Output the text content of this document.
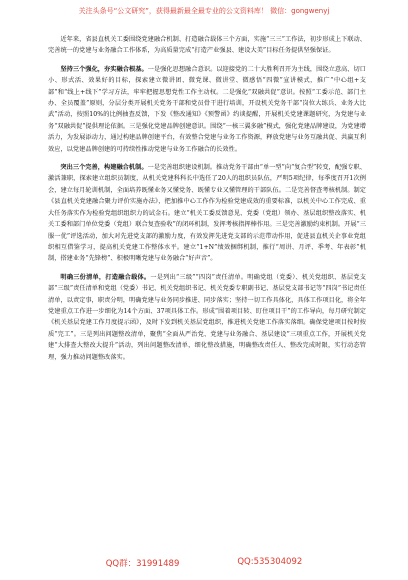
关注头条号“公文研究”，获得最新最全最专业的公文资料库！ 微信：gongwenyj

近年来，省县直机关工委围绕党建融合机制、打造融合载体三个方面，实施“三三”工作法，初步形成上下联动、完善统一的党建与业务融合工作体系，为高质量完成“打造产业强县、建设大美”目标任务提供坚强保证。

坚持三个强化，夯实融合根基。一是强化思想融合意识。以迎接党的二十大胜利召开为主线，围绕立意高、切口小、形式活、效果好的目标，探索建立微讲团、微党课、微讲堂、微感悟“四微”宣讲模式，推广“中心组+支部”和“线上+线下”学习方法，牢牢把握思想党性工作主动权。二是强化“双融共促”意识。按照“工委示范、部门主办、全员覆盖”原则，分层分类开展机关党务干部和党员骨干进行培训，开设机关党务干部“岗位大练兵、业务大比武”活动，按照10%的比例抽查反馈，下发《整改通知》《预警函》约谈提醒，开展机关党建课题研究，为党建与业务“双融共促”提供理论依据。三是强化党建品牌创建意识。围绕“一核三翼多融”模式，强化党建品牌建设，为党建增活力，为发展添动力，通过构建品牌创建平台，有效整合党建与业务工作资源，释放党建与业务互融共促、共赢互利效应，以党建品牌创建的可持续性推动党建与业务工作融合的长效性。

突出三个完善，构建融合机制。一是完善组织建设机制。推动党务干部由“单一型”向“复合型”转变，配强专职、激活兼职，探索建立组织员制度，从机关党建科科长中选任了20人的组织员队伍，严明5项纪律，每季度召开1次例会，建立每月轮训机制，全面培养既懂业务又懂党务、既懂专业又懂管理的干部队伍。二是完善督查考核机制。制定《县直机关党建融合聚力评价实施办法》，把加推中心工作作为检验党建成效的重要标准，以机关中心工作完成、重大任务落实作为检验党组织组织力的试金石。建立“机关工委反馈意见、党委（党组）领办、基层组织整改落实、机关工委和部门单位党委（党组）联合复查验收”的闭环机制，发挥考核指挥棒作用。三是完善激励约束机制。开展“三服一优”评选活动，加大对先进党支部的激励力度，有效发挥先进党支部的示范带动作用，促进县直机关企事业党组织相互借鉴学习，提高机关党建工作整体水平。建立“1+N”绩效捆绑机制，推行“周讲、月评、季考、年表彰”机制，搭建业务“先锋榜”、积极明晰党建与业务融合“好声音”。

明确三份清单，打造融合载体。一是列出“三级”“四岗”责任清单。明确党组（党委）、机关党组织、基层党支部“三级”责任清单和党组（党委）书记、机关党组织书记、机关党委专职副书记、基层党支部书记等“四岗”书记责任清单，以责定事，职责分明，明确党建与业务同步推进、同步落实；坚持一切工作具体化，具体工作项目化，将全年党建重点工作进一步细化为14个方面、37项具体工作。形成“围着项目转、盯住项目干”的工作导向，每月研究制定《机关基层党建工作月度提示函》，及时下发到机关基层党组织，推进机关党建工作落实落细。确保党建项目按时按质“完工”。三是列出问题整改清单，聚焦“全面从严治党、党建与业务融合、基层建设”三项重点工作，开展机关党建“大排查大整改大提升”活动，列出问题整改清单，细化整改措施，明确整改责任人、整改完成时限，实行动态管理，强力推动问题整改落实。

QQ群：31991489	QQ:535304092
